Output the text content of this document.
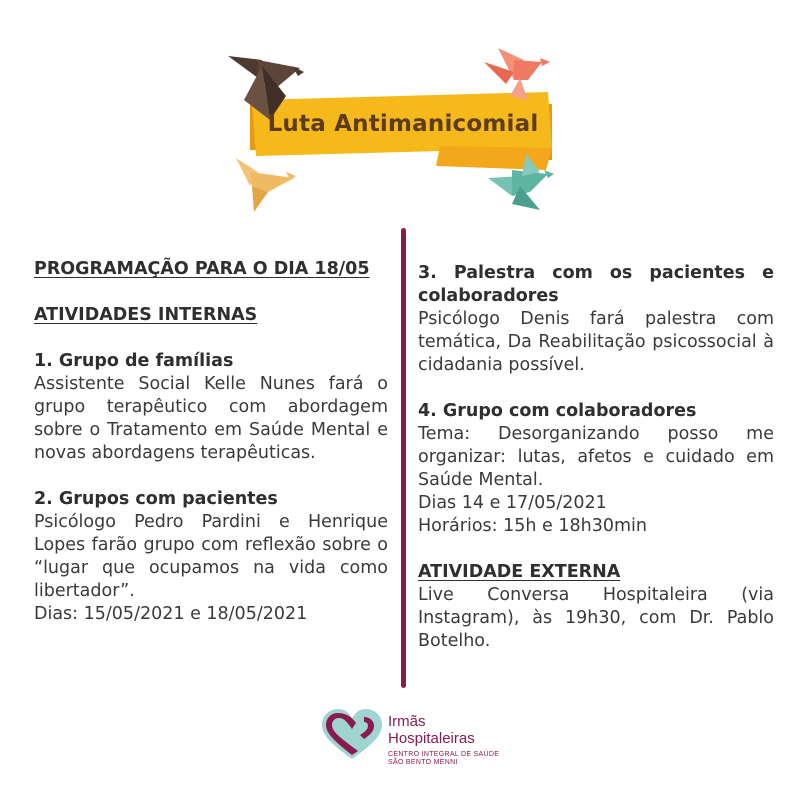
Luta Antimanicomial

PROGRAMAÇÃO PARA O DIA 18/05

ATIVIDADES INTERNAS

1. Grupo de famílias

Assistente Social Kelle Nunes fará o grupo terapêutico com abordagem sobre o Tratamento em Saúde Mental e novas abordagens terapêuticas.

2. Grupos com pacientes

Psicólogo Pedro Pardini e Henrique Lopes farão grupo com reflexão sobre o “lugar que ocupamos na vida como libertador”.

Dias: 15/05/2021 e 18/05/2021

3. Palestra com os pacientes e colaboradores

Psicólogo Denis fará palestra com temática, Da Reabilitação psicossocial à cidadania possível.

4. Grupo com colaboradores

Tema: Desorganizando posso me organizar: lutas, afetos e cuidado em Saúde Mental.

Dias 14 e 17/05/2021

Horários: 15h e 18h30min

ATIVIDADE EXTERNA

Live Conversa Hospitaleira (via Instagram), às 19h30, com Dr. Pablo Botelho.

Irmãs
Hospitaleiras
CENTRO INTEGRAL DE SAÚDE
SÃO BENTO MENNI
